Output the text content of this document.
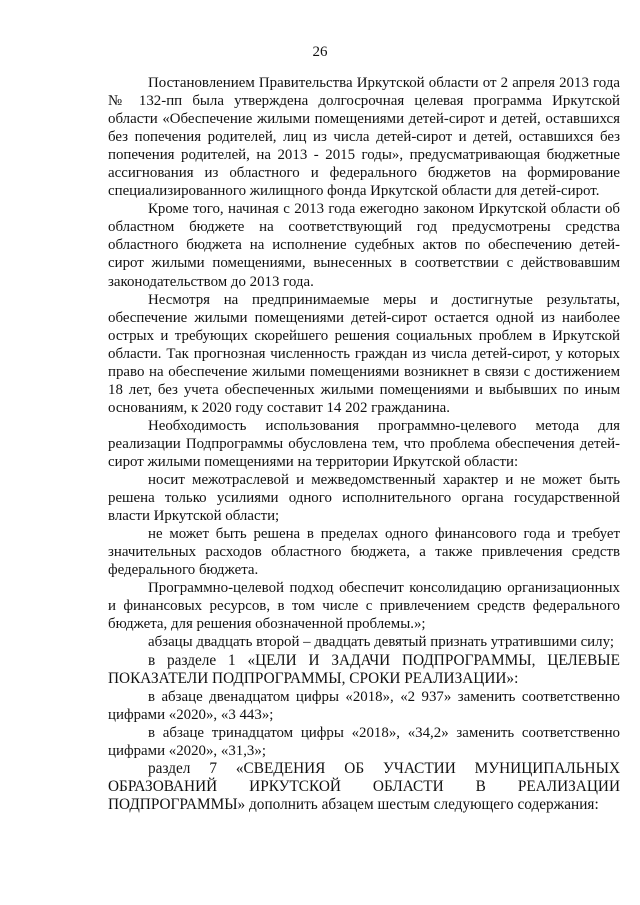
26

Постановлением Правительства Иркутской области от 2 апреля 2013 года № 132-пп была утверждена долгосрочная целевая программа Иркутской области «Обеспечение жилыми помещениями детей-сирот и детей, оставшихся без попечения родителей, лиц из числа детей-сирот и детей, оставшихся без попечения родителей, на 2013 - 2015 годы», предусматривающая бюджетные ассигнования из областного и федерального бюджетов на формирование специализированного жилищного фонда Иркутской области для детей-сирот.

Кроме того, начиная с 2013 года ежегодно законом Иркутской области об областном бюджете на соответствующий год предусмотрены средства областного бюджета на исполнение судебных актов по обеспечению детей-сирот жилыми помещениями, вынесенных в соответствии с действовавшим законодательством до 2013 года.

Несмотря на предпринимаемые меры и достигнутые результаты, обеспечение жилыми помещениями детей-сирот остается одной из наиболее острых и требующих скорейшего решения социальных проблем в Иркутской области. Так прогнозная численность граждан из числа детей-сирот, у которых право на обеспечение жилыми помещениями возникнет в связи с достижением 18 лет, без учета обеспеченных жилыми помещениями и выбывших по иным основаниям, к 2020 году составит 14 202 гражданина.

Необходимость использования программно-целевого метода для реализации Подпрограммы обусловлена тем, что проблема обеспечения детей-сирот жилыми помещениями на территории Иркутской области:

носит межотраслевой и межведомственный характер и не может быть решена только усилиями одного исполнительного органа государственной власти Иркутской области;

не может быть решена в пределах одного финансового года и требует значительных расходов областного бюджета, а также привлечения средств федерального бюджета.

Программно-целевой подход обеспечит консолидацию организационных и финансовых ресурсов, в том числе с привлечением средств федерального бюджета, для решения обозначенной проблемы.»;

абзацы двадцать второй – двадцать девятый признать утратившими силу;

в разделе 1 «ЦЕЛИ И ЗАДАЧИ ПОДПРОГРАММЫ, ЦЕЛЕВЫЕ ПОКАЗАТЕЛИ ПОДПРОГРАММЫ, СРОКИ РЕАЛИЗАЦИИ»:

в абзаце двенадцатом цифры «2018», «2 937» заменить соответственно цифрами «2020», «3 443»;

в абзаце тринадцатом цифры «2018», «34,2» заменить соответственно цифрами «2020», «31,3»;

раздел 7 «СВЕДЕНИЯ ОБ УЧАСТИИ МУНИЦИПАЛЬНЫХ ОБРАЗОВАНИЙ ИРКУТСКОЙ ОБЛАСТИ В РЕАЛИЗАЦИИ ПОДПРОГРАММЫ» дополнить абзацем шестым следующего содержания:
